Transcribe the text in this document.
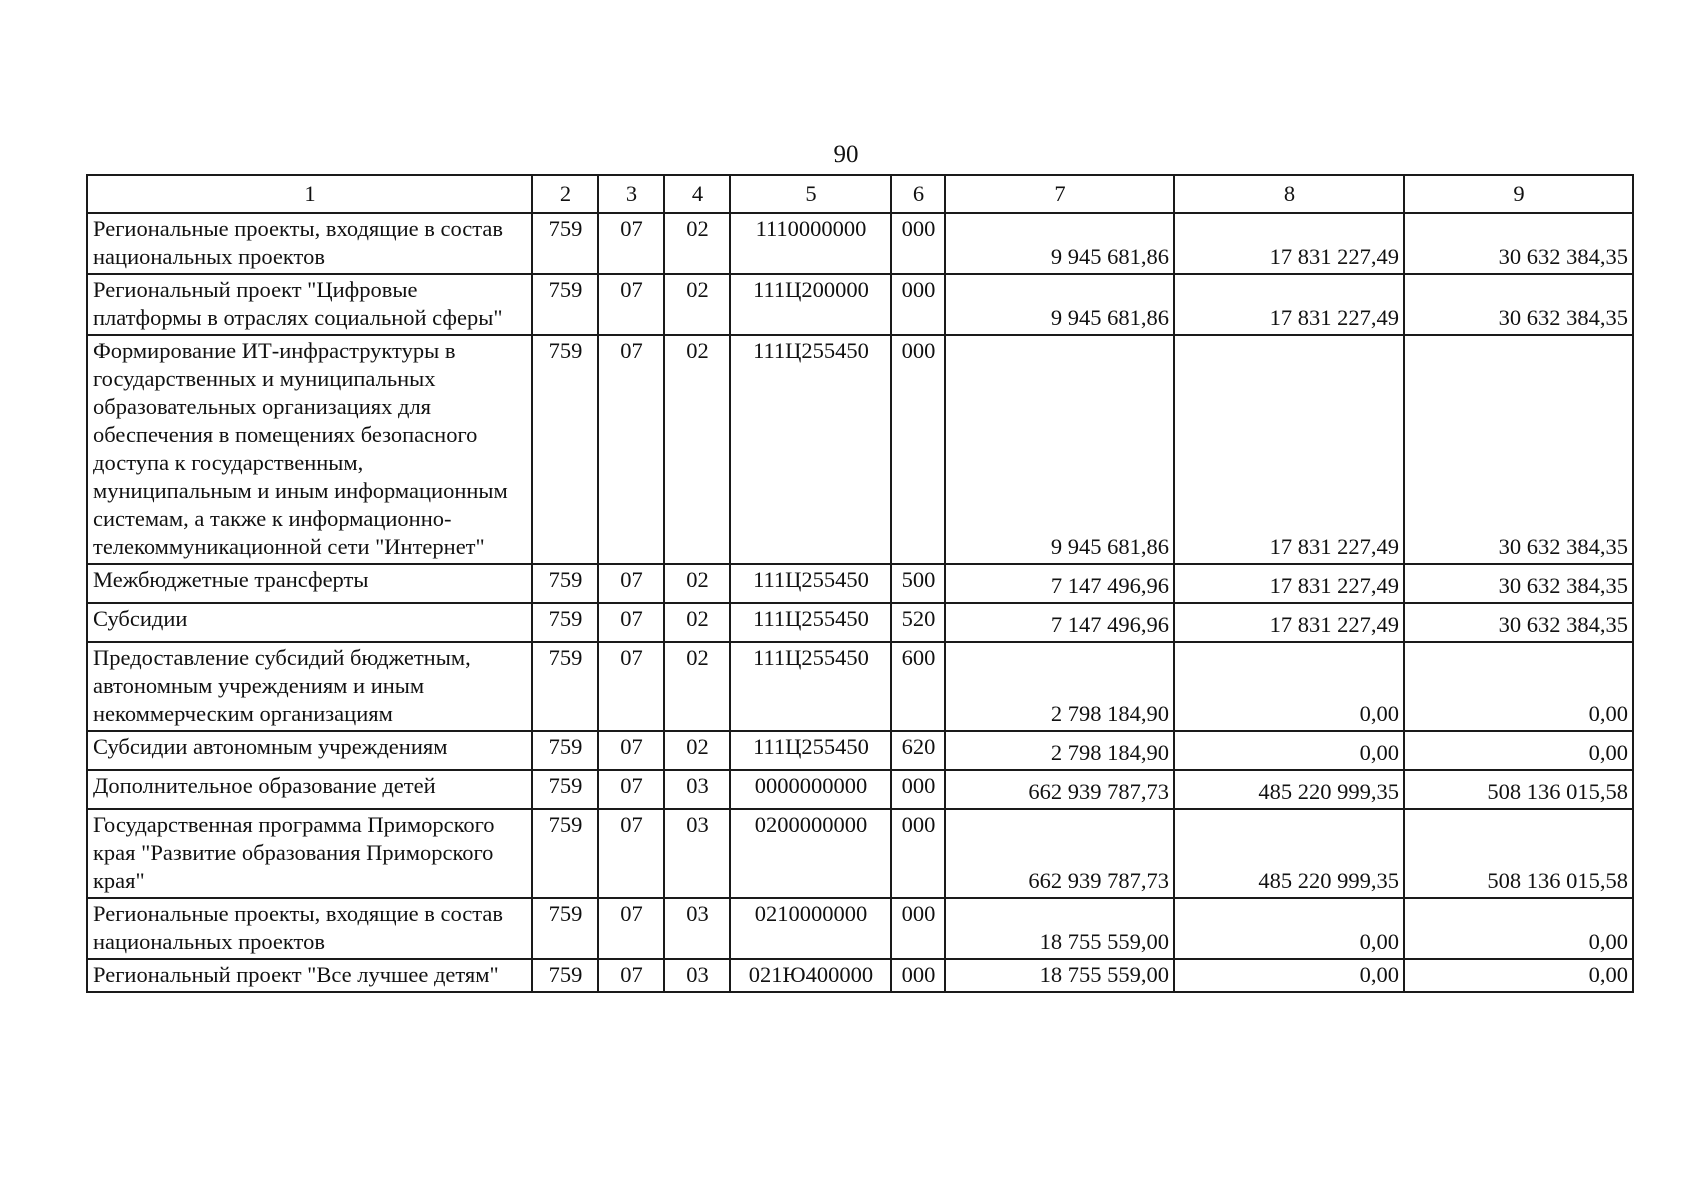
90
1	2	3	4	5	6	7	8	9
Региональные проекты, входящие в состав национальных проектов	759	07	02	1110000000	000	9 945 681,86	17 831 227,49	30 632 384,35
Региональный проект "Цифровые платформы в отраслях социальной сферы"	759	07	02	111Ц200000	000	9 945 681,86	17 831 227,49	30 632 384,35
Формирование ИТ-инфраструктуры в государственных и муниципальных образовательных организациях для обеспечения в помещениях безопасного доступа к государственным, муниципальным и иным информационным системам, а также к информационно-телекоммуникационной сети "Интернет"	759	07	02	111Ц255450	000	9 945 681,86	17 831 227,49	30 632 384,35
Межбюджетные трансферты	759	07	02	111Ц255450	500	7 147 496,96	17 831 227,49	30 632 384,35
Субсидии	759	07	02	111Ц255450	520	7 147 496,96	17 831 227,49	30 632 384,35
Предоставление субсидий бюджетным, автономным учреждениям и иным некоммерческим организациям	759	07	02	111Ц255450	600	2 798 184,90	0,00	0,00
Субсидии автономным учреждениям	759	07	02	111Ц255450	620	2 798 184,90	0,00	0,00
Дополнительное образование детей	759	07	03	0000000000	000	662 939 787,73	485 220 999,35	508 136 015,58
Государственная программа Приморского края "Развитие образования Приморского края"	759	07	03	0200000000	000	662 939 787,73	485 220 999,35	508 136 015,58
Региональные проекты, входящие в состав национальных проектов	759	07	03	0210000000	000	18 755 559,00	0,00	0,00
Региональный проект "Все лучшее детям"	759	07	03	021Ю400000	000	18 755 559,00	0,00	0,00
